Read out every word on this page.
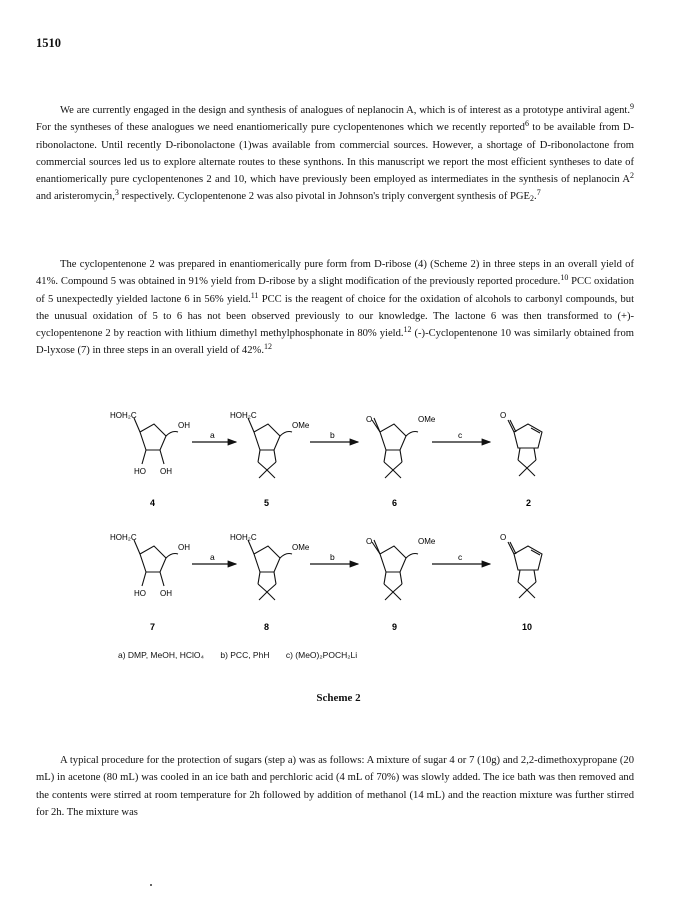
1510

We are currently engaged in the design and synthesis of analogues of neplanocin A, which is of interest as a prototype antiviral agent.$^9$ For the syntheses of these analogues we need enantiomerically pure cyclopentenones which we recently reported$^6$ to be available from D-ribonolactone. Until recently D-ribonolactone (1)was available from commercial sources. However, a shortage of D-ribonolactone from commercial sources led us to explore alternate routes to these synthons. In this manuscript we report the most efficient syntheses to date of enantiomerically pure cyclopentenones 2 and 10, which have previously been employed as intermediates in the synthesis of neplanocin $A^2$ and aristeromycin,$^3$ respectively. Cyclopentenone 2 was also pivotal in Johnson's triply convergent synthesis of $PGE_2.^7$

The cyclopentenone 2 was prepared in enantiomerically pure form from D-ribose (4) (Scheme 2) in three steps in an overall yield of 41%. Compound 5 was obtained in 91% yield from D-ribose by a slight modification of the previously reported procedure.$^{10}$ PCC oxidation of 5 unexpectedly yielded lactone 6 in 56% yield.$^{11}$ PCC is the reagent of choice for the oxidation of alcohols to carbonyl compounds, but the unusual oxidation of 5 to 6 has not been observed previously to our knowledge. The lactone 6 was then transformed to (+)-cyclopentenone 2 by reaction with lithium dimethyl methylphosphonate in 80% yield.$^{12}$ (-)-Cyclopentenone 10 was similarly obtained from D-lyxose (7) in three steps in an overall yield of 42%.$^{12}$

a	b	c
HOH₂C
OH
HO OH
HOH₂C
OMe
OMe
O	O
4	5	6	2
a	b	c
HOH₂C
OH
HO OH
HOH₂C
OMe
OMe
O	O
7	8	9	10
a) DMP, MeOH, HClO₄ b) PCC, PhH c) (MeO)₂POCH₂Li
Scheme 2

A typical procedure for the protection of sugars (step a) was as follows: A mixture of sugar 4 or 7 (10g) and 2,2-dimethoxypropane (20 mL) in acetone (80 mL) was cooled in an ice bath and perchloric acid (4 mL of 70%) was slowly added. The ice bath was then removed and the contents were stirred at room temperature for 2h followed by addition of methanol (14 mL) and the reaction mixture was further stirred for 2h. The mixture was
